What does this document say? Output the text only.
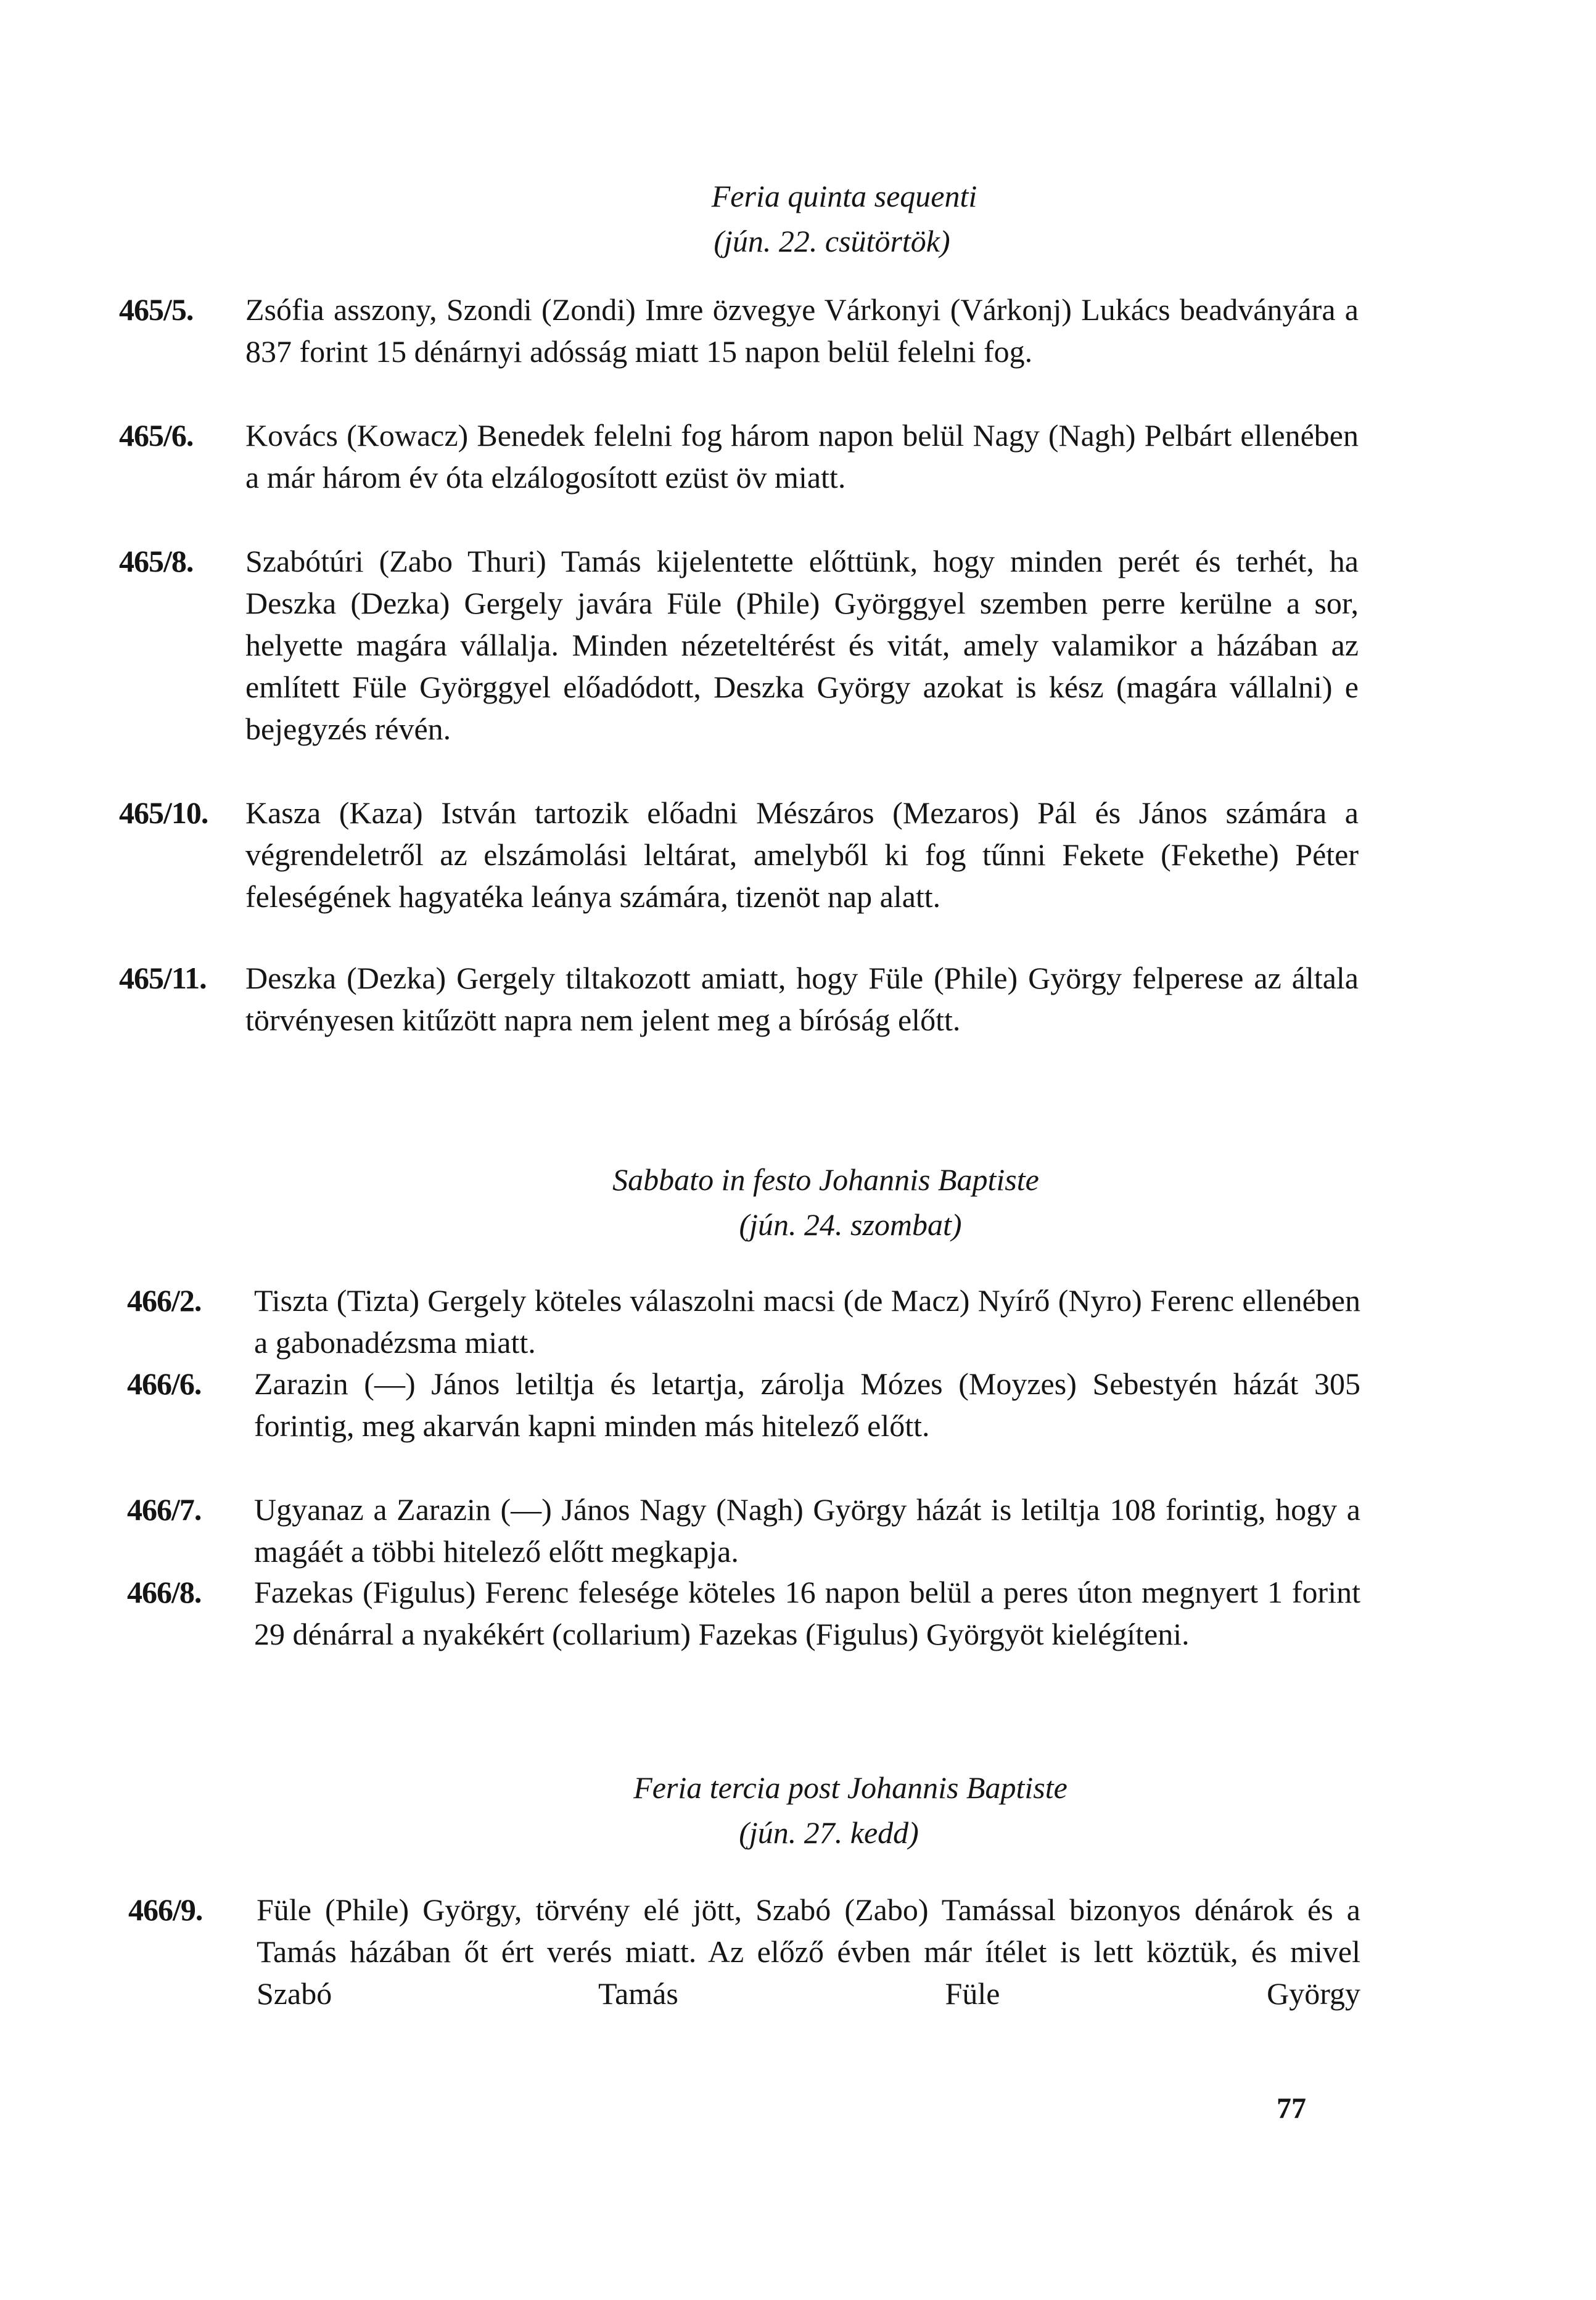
Feria quinta sequenti
(jún. 22. csütörtök)
465/5. Zsófia asszony, Szondi (Zondi) Imre özvegye Várkonyi (Várkonj) Lukács beadványára a 837 forint 15 dénárnyi adósság miatt 15 napon belül felelni fog.
465/6. Kovács (Kowacz) Benedek felelni fog három napon belül Nagy (Nagh) Pelbárt ellenében a már három év óta elzálogosított ezüst öv miatt.
465/8. Szabótúri (Zabo Thuri) Tamás kijelentette előttünk, hogy minden perét és terhét, ha Deszka (Dezka) Gergely javára Füle (Phile) Györggyel szemben perre kerülne a sor, helyette magára vállalja. Minden nézeteltérést és vitát, amely valamikor a házában az említett Füle Györggyel előadódott, Deszka György azokat is kész (magára vállalni) e bejegyzés révén.
465/10. Kasza (Kaza) István tartozik előadni Mészáros (Mezaros) Pál és János számára a végrendeletről az elszámolási leltárat, amelyből ki fog tűnni Fekete (Fekethe) Péter feleségének hagyatéka leánya számára, tizenöt nap alatt.
465/11. Deszka (Dezka) Gergely tiltakozott amiatt, hogy Füle (Phile) György felperese az általa törvényesen kitűzött napra nem jelent meg a bíróság előtt.
Sabbato in festo Johannis Baptiste
(jún. 24. szombat)
466/2. Tiszta (Tizta) Gergely köteles válaszolni macsi (de Macz) Nyírő (Nyro) Ferenc ellenében a gabonadézsma miatt.
466/6. Zarazin (—) János letiltja és letartja, zárolja Mózes (Moyzes) Sebestyén házát 305 forintig, meg akarván kapni minden más hitelező előtt.
466/7. Ugyanaz a Zarazin (—) János Nagy (Nagh) György házát is letiltja 108 forintig, hogy a magáét a többi hitelező előtt megkapja.
466/8. Fazekas (Figulus) Ferenc felesége köteles 16 napon belül a peres úton megnyert 1 forint 29 dénárral a nyakékért (collarium) Fazekas (Figulus) Györgyöt kielégíteni.
Feria tercia post Johannis Baptiste
(jún. 27. kedd)
466/9. Füle (Phile) György, törvény elé jött, Szabó (Zabo) Tamással bizonyos dénárok és a Tamás házában őt ért verés miatt. Az előző évben már ítélet is lett köztük, és mivel Szabó Tamás Füle György
77
